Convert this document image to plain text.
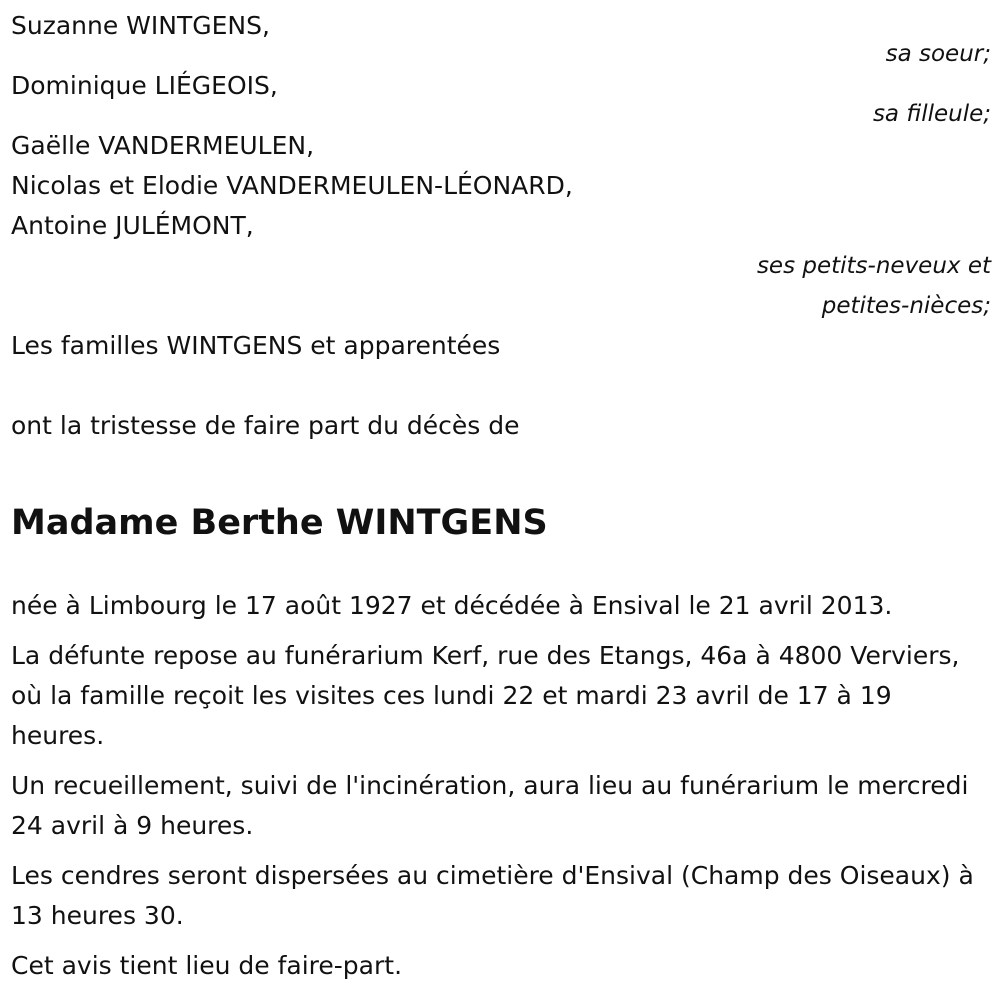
Suzanne WINTGENS,
sa soeur;
Dominique LIÉGEOIS,
sa filleule;
Gaëlle VANDERMEULEN,
Nicolas et Elodie VANDERMEULEN-LÉONARD,
Antoine JULÉMONT,
ses petits-neveux et
petites-nièces;
Les familles WINTGENS et apparentées
ont la tristesse de faire part du décès de
Madame Berthe WINTGENS
née à Limbourg le 17 août 1927 et décédée à Ensival le 21 avril 2013.
La défunte repose au funérarium Kerf, rue des Etangs, 46a à 4800 Verviers, où la famille reçoit les visites ces lundi 22 et mardi 23 avril de 17 à 19 heures.
Un recueillement, suivi de l'incinération, aura lieu au funérarium le mercredi 24 avril à 9 heures.
Les cendres seront dispersées au cimetière d'Ensival (Champ des Oiseaux) à 13 heures 30.
Cet avis tient lieu de faire-part.
